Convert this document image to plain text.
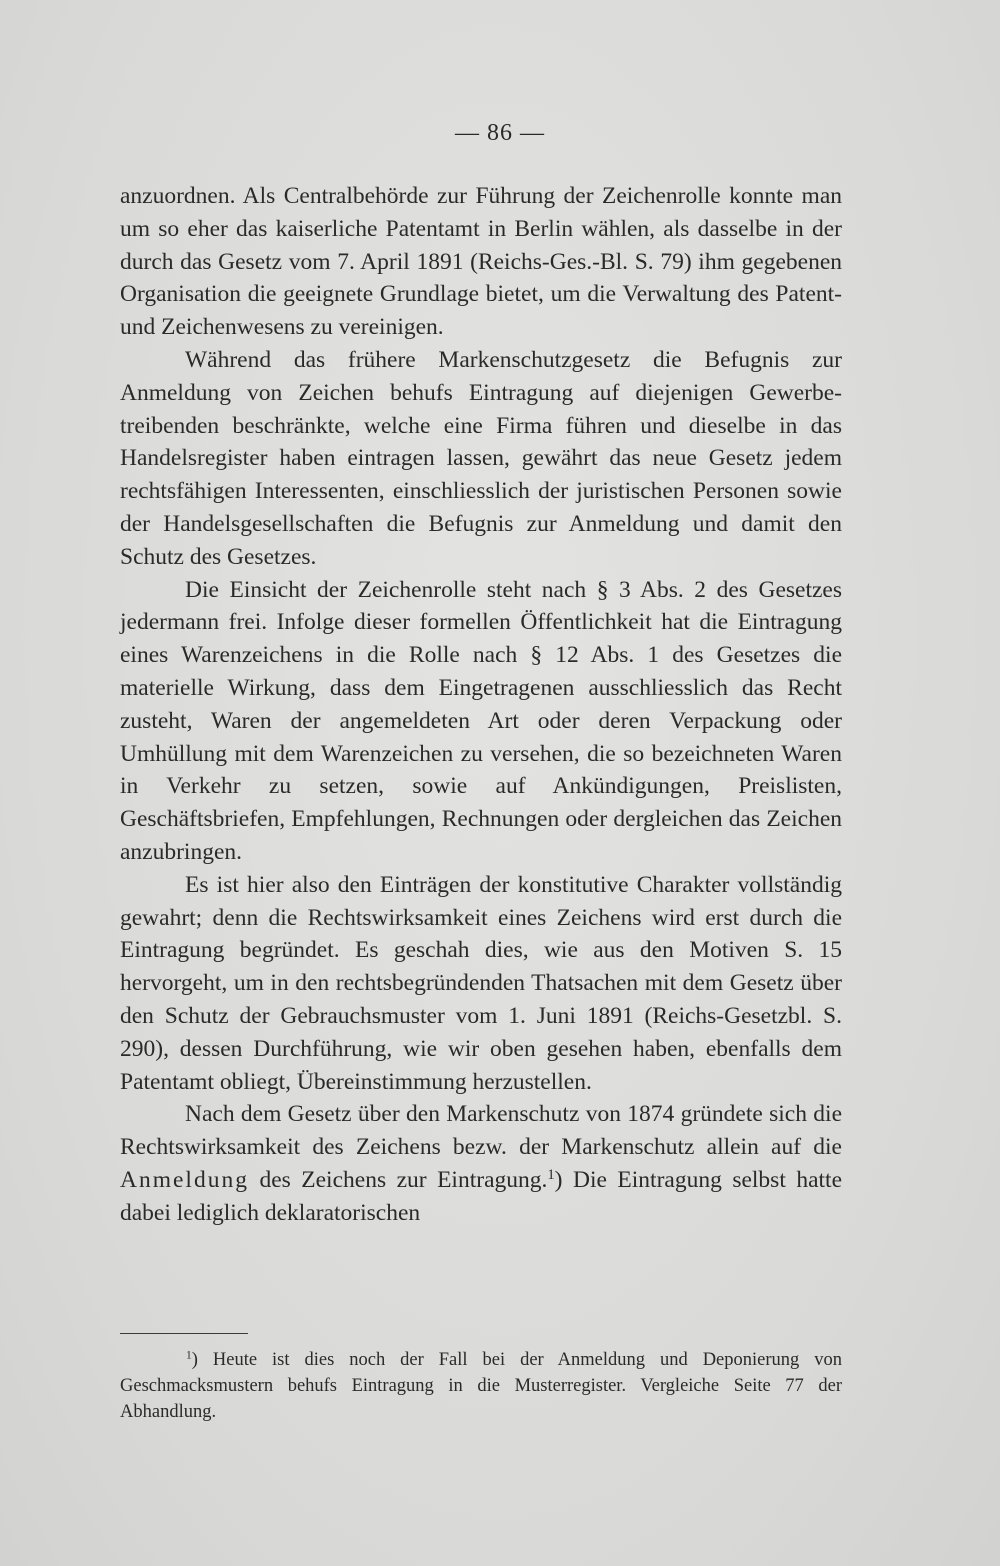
— 86 —

anzuordnen. Als Centralbehörde zur Führung der Zeichenrolle konnte man um so eher das kaiserliche Patentamt in Berlin wählen, als dasselbe in der durch das Gesetz vom 7. April 1891 (Reichs-Ges.-Bl. S. 79) ihm gegebenen Organisation die geeignete Grundlage bietet, um die Verwaltung des Patent- und Zeichenwesens zu vereinigen.

Während das frühere Markenschutzgesetz die Befugnis zur Anmeldung von Zeichen behufs Eintragung auf diejenigen Gewerbetreibenden beschränkte, welche eine Firma führen und dieselbe in das Handelsregister haben eintragen lassen, gewährt das neue Gesetz jedem rechtsfähigen Interessenten, einschliesslich der juristischen Personen sowie der Handelsgesellschaften die Befugnis zur Anmeldung und damit den Schutz des Gesetzes.

Die Einsicht der Zeichenrolle steht nach § 3 Abs. 2 des Gesetzes jedermann frei. Infolge dieser formellen Öffentlichkeit hat die Eintragung eines Warenzeichens in die Rolle nach § 12 Abs. 1 des Gesetzes die materielle Wirkung, dass dem Eingetragenen ausschliesslich das Recht zusteht, Waren der angemeldeten Art oder deren Verpackung oder Umhüllung mit dem Warenzeichen zu versehen, die so bezeichneten Waren in Verkehr zu setzen, sowie auf Ankündigungen, Preislisten, Geschäftsbriefen, Empfehlungen, Rechnungen oder dergleichen das Zeichen anzubringen.

Es ist hier also den Einträgen der konstitutive Charakter vollständig gewahrt; denn die Rechtswirksamkeit eines Zeichens wird erst durch die Eintragung begründet. Es geschah dies, wie aus den Motiven S. 15 hervorgeht, um in den rechtsbegründenden Thatsachen mit dem Gesetz über den Schutz der Gebrauchsmuster vom 1. Juni 1891 (Reichs-Gesetzbl. S. 290), dessen Durchführung, wie wir oben gesehen haben, ebenfalls dem Patentamt obliegt, Übereinstimmung herzustellen.

Nach dem Gesetz über den Markenschutz von 1874 gründete sich die Rechtswirksamkeit des Zeichens bezw. der Markenschutz allein auf die Anmeldung des Zeichens zur Eintragung.$^1$) Die Eintragung selbst hatte dabei lediglich deklaratorischen

$^1$) Heute ist dies noch der Fall bei der Anmeldung und Deponierung von Geschmacksmustern behufs Eintragung in die Musterregister. Vergleiche Seite 77 der Abhandlung.
